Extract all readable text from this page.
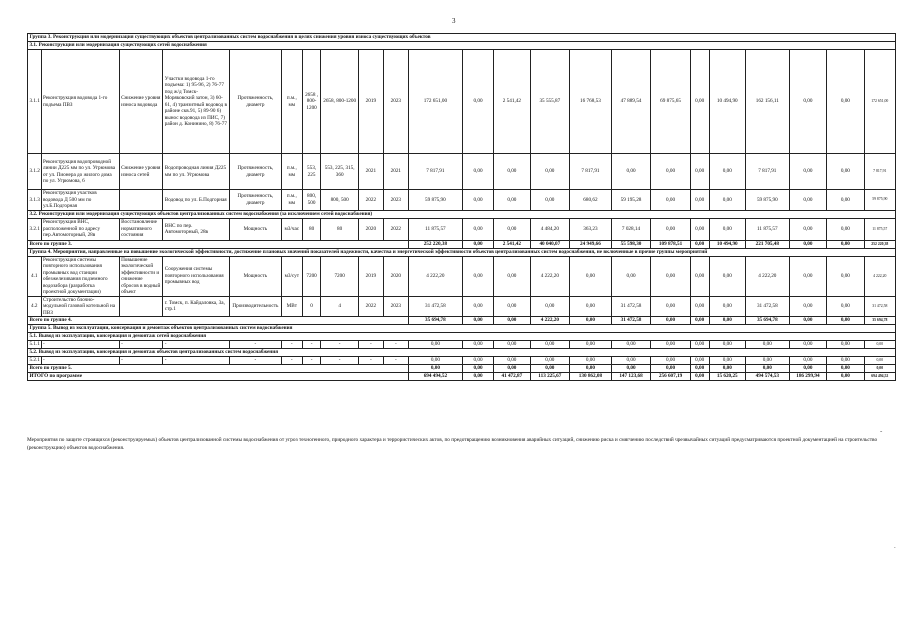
3
Группа 3. Реконструкция или модернизация существующих объектов централизованных систем водоснабжения в целях снижения уровня износа существующих объектов																						
3.1. Реконструкция или модернизация существующих сетей водоснабжения																						
3.1.1	Реконструкция водовода 1-го подъема ПВЗ	Снижение уровня износа водовода	Участки водовода 1-го подъема: 1) 95-96, 2) 76-77 под ж/д Томск-Моряковский затон, 3) 60-61, 4) транзитный водовод в районе скв.91, 5) 89-90 6) вынос водовода из ПИС, 7) район д. Конинино, 8) 76-77	Протяженность, диаметр	п.м., мм	2658 , 800-1200	2658, 800-1200	2019	2023	172 651,00	0,00	2 541,42	35 555,87	16 768,53	47 889,54	69 875,65	0,00	10 494,90	162 156,11	0,00	0,00	172 651,00
3.1.2	Реконструкция водопроводной линии Д225 мм по ул. Угрюмова от ул. Пионера до жилого дома по ул. Угрюмова, 6	Снижение уровня износа сетей	Водопроводная линия Д225 мм по ул. Угрюмова	Протяженность, диаметр	п.м., мм	553, 225	553, 225, 315, 360	2021	2021	7 817,91	0,00	0,00	0,00	7 817,91	0,00	0,00	0,00	0,00	7 817,91	0,00	0,00	7 817,91
3.1.3	Реконструкция участков водовода Д 500 мм по ул.Б.Подгорная		Водовод по ул. Б.Подгорная	Протяженность, диаметр	п.м., мм	800, 500	800, 500	2022	2023	59 875,90	0,00	0,00	0,00	680,62	59 195,28	0,00	0,00	0,00	59 875,90	0,00	0,00	59 875,90
3.2. Реконструкция или модернизация существующих объектов централизованных систем водоснабжения (за исключением сетей водоснабжения)																						
3.2.1	Реконструкция ВНС, расположенной по адресу пер.Автомоторный, 28в	Восстановление нормативного состояния	ВНС по пер. Автомоторный, 28в	Мощность	м3/час	80	80	2020	2022	11 875,57	0,00	0,00	4 484,20	363,23	7 028,14	0,00	0,00	0,00	11 875,57	0,00	0,00	11 875,57
Всего по группе 3.										252 220,38	0,00	2 541,42	40 040,07	24 949,66	55 598,30	109 878,51	0,00	10 494,90	221 705,48	0,00	0,00	252 220,38
Группа 4. Мероприятия, направленные на повышение экологической эффективности, достижение плановых значений показателей надежности, качества и энергетической эффективности объектов централизованных систем водоснабжения, не включенные в прочие группы мероприятий																						
4.1	Реконструкция системы повторного использования промывных вод станции обезжелезивания подземного водозабора (разработка проектной документации)	Повышение экологической эффективности и снижение сбросов в водный объект	Сооружения системы повторного использования промывных вод	Мощность	м3/сут	7200	7200	2019	2020	4 222,20	0,00	0,00	4 222,20	0,00	0,00	0,00	0,00	0,00	4 222,20	0,00	0,00	4 222,20
4.2	Строительство блочно-модульной газовой котельной на ПВЗ		г. Томск, п. Кайдаловка, 3а, стр.1	Производительность	МВт	0	4	2022	2023	31 472,58	0,00	0,00	0,00	0,00	31 472,58	0,00	0,00	0,00	31 472,58	0,00	0,00	31 472,58
Всего по группе 4.										35 694,78	0,00	0,00	4 222,20	0,00	31 472,58	0,00	0,00	0,00	35 694,78	0,00	0,00	35 694,78
Группа 5. Вывод из эксплуатации, консервация и демонтаж объектов централизованных систем водоснабжения																						
5.1. Вывод из эксплуатации, консервация и демонтаж сетей водоснабжения																						
5.1.1	-	-	-	-	-	-	-	-	-	0,00	0,00	0,00	0,00	0,00	0,00	0,00	0,00	0,00	0,00	0,00	0,00	0,00
5.2. Вывод из эксплуатации, консервация и демонтаж объектов централизованных систем водоснабжения																						
5.2.1	-	-	-	-	-	-	-	-	-	0,00	0,00	0,00	0,00	0,00	0,00	0,00	0,00	0,00	0,00	0,00	0,00	0,00
Всего по группе 5.										0,00	0,00	0,00	0,00	0,00	0,00	0,00	0,00	0,00	0,00	0,00	0,00	0,00
ИТОГО по программе										694 494,52	0,00	41 472,87	113 225,67	130 862,08	147 123,68	256 607,19	0,00	15 620,25	494 574,53	186 299,94	0,00	694 494,52
Мероприятия по защите строящихся (реконструируемых) объектов централизованной системы водоснабжения от угроз техногенного, природного характера и террористических актов, по предотвращению возникновения аварийных ситуаций, снижению риска и смягчению последствий чрезвычайных ситуаций предусматриваются проектной документацией на строительство (реконструкцию) объектов водоснабжения.
-
.
